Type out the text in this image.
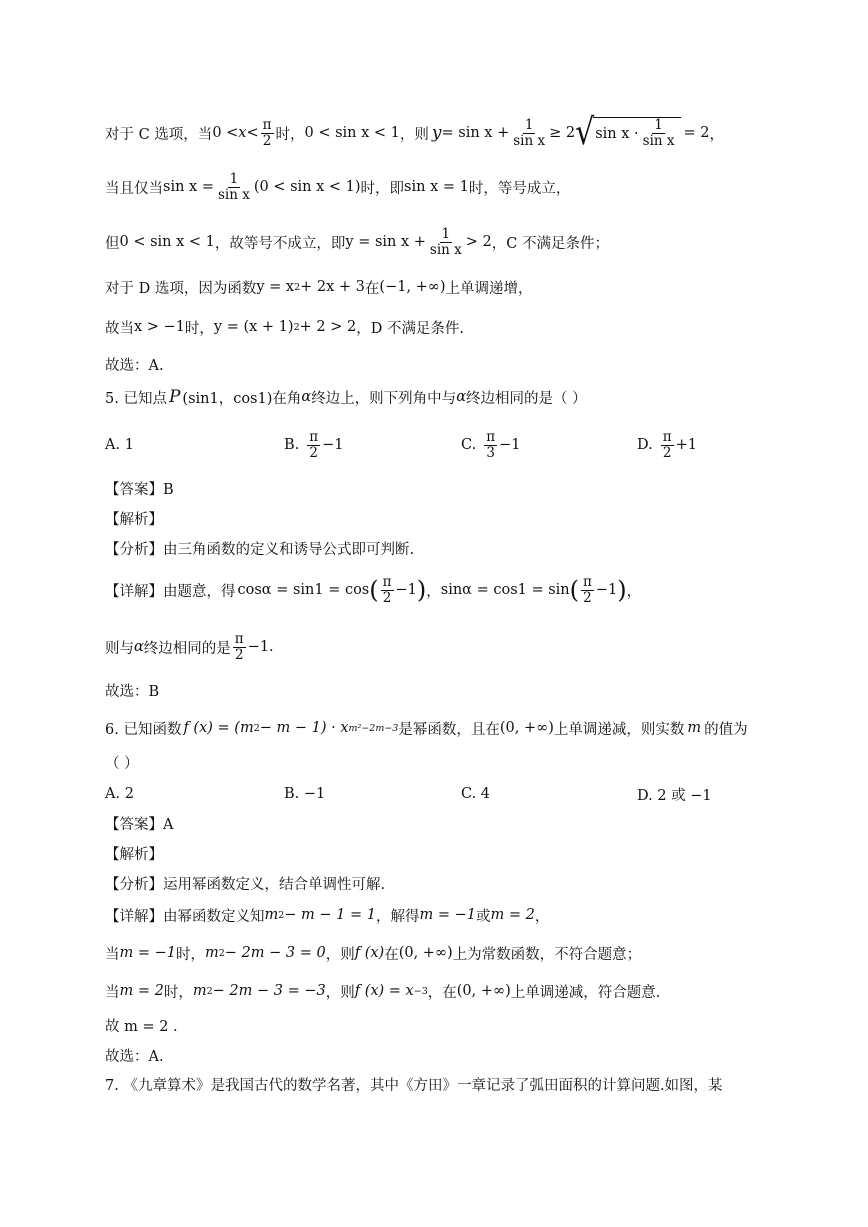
对于 C 选项，当 $0 < x < \frac{\pi}{2}$ 时， 0 < sin x < 1 ，则 $y = \sin x + \frac{1}{\text{sin x}} \ge 2$ √ $\sin x \cdot \frac{1}{\text{sin x}} = 2$ ，
当且仅当 $\sin x = \frac{1}{\text{sin x}} (0 < \sin x < 1)$ 时，即 sin x = 1 时，等号成立，
但 0 < sin x < 1 ，故等号不成立，即 $y = \sin x + \frac{1}{\text{sin x}} > 2$ ，C 不满足条件；
对于 D 选项，因为函数 y = x 2 + 2x + 3 在 (−1, +∞) 上单调递增，
故当 x > −1 时， y = (x + 1) 2 + 2 > 2 ，D 不满足条件.
故选：A.
5. 已知点 P (sin1，cos1) 在角 α 终边上，则下列角中与 α 终边相同的是（ ）
A. 1	B. $\frac{\pi}{2} -1$	C. $\frac{\pi}{3} -1$	D. $\frac{\pi}{2} +1$
【答案】B
【解析】
【分析】由三角函数的定义和诱导公式即可判断.
【详解】由题意，得 cosα = sin1 = cos ( $\frac{\pi}{2} -1$ ) ， sinα = cos1 = sin ( $\frac{\pi}{2} -1$ ) ，
则与 α 终边相同的是 $\frac{\pi}{2} -1$.
故选：B
6. 已知函数 f (x) = (m 2 − m − 1) · x m²−2m−3 是幂函数，且在 (0, +∞) 上单调递减，则实数 m 的值为
（ ）
A. 2	B. −1	C. 4	D. 2 或 −1
【答案】A
【解析】
【分析】运用幂函数定义，结合单调性可解.
【详解】由幂函数定义知 m 2 − m − 1 = 1 ，解得 m = −1 或 m = 2 ，
当 m = −1 时， m 2 − 2m − 3 = 0 ，则 f (x) 在 (0, +∞) 上为常数函数，不符合题意；
当 m = 2 时， m 2 − 2m − 3 = −3 ，则 f (x) = x −3 ，在 (0, +∞) 上单调递减，符合题意.
故 m = 2 .
故选：A.
7. 《九章算术》是我国古代的数学名著，其中《方田》一章记录了弧田面积的计算问题.如图，某
